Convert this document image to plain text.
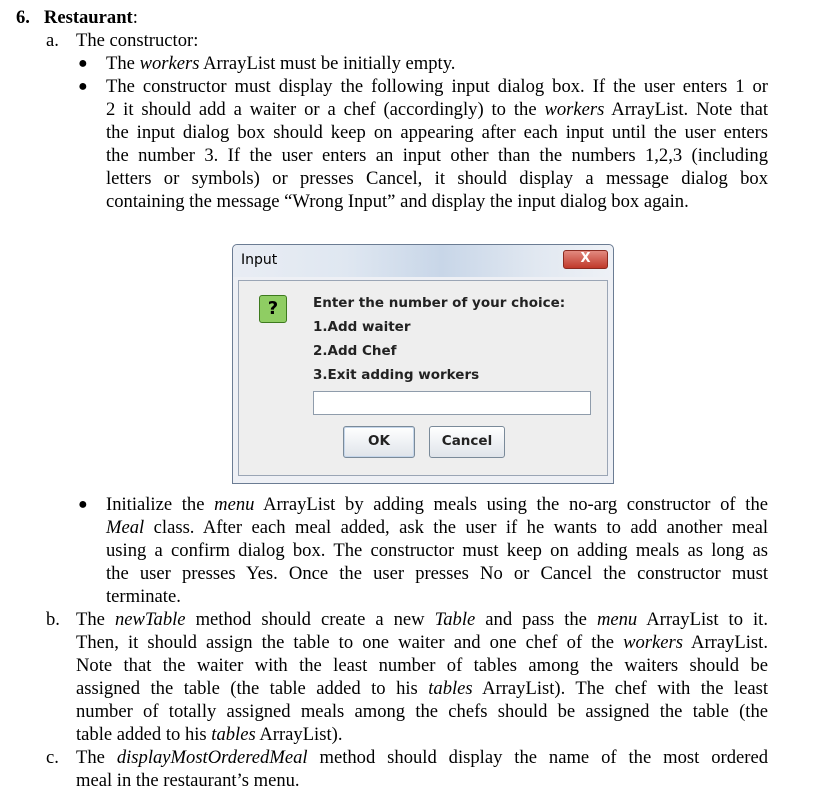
6. Restaurant:
a. The constructor:
● The workers ArrayList must be initially empty.
● The constructor must display the following input dialog box. If the user enters 1 or
2 it should add a waiter or a chef (accordingly) to the workers ArrayList. Note that
the input dialog box should keep on appearing after each input until the user enters
the number 3. If the user enters an input other than the numbers 1,2,3 (including
letters or symbols) or presses Cancel, it should display a message dialog box
containing the message “Wrong Input” and display the input dialog box again.
Input	X
?	Enter the number of your choice:
1.Add waiter
2.Add Chef
3.Exit adding workers
OK	Cancel
● Initialize the menu ArrayList by adding meals using the no-arg constructor of the
Meal class. After each meal added, ask the user if he wants to add another meal
using a confirm dialog box. The constructor must keep on adding meals as long as
the user presses Yes. Once the user presses No or Cancel the constructor must
terminate.
b. The newTable method should create a new Table and pass the menu ArrayList to it.
Then, it should assign the table to one waiter and one chef of the workers ArrayList.
Note that the waiter with the least number of tables among the waiters should be
assigned the table (the table added to his tables ArrayList). The chef with the least
number of totally assigned meals among the chefs should be assigned the table (the
table added to his tables ArrayList).
c. The displayMostOrderedMeal method should display the name of the most ordered
meal in the restaurant’s menu.
